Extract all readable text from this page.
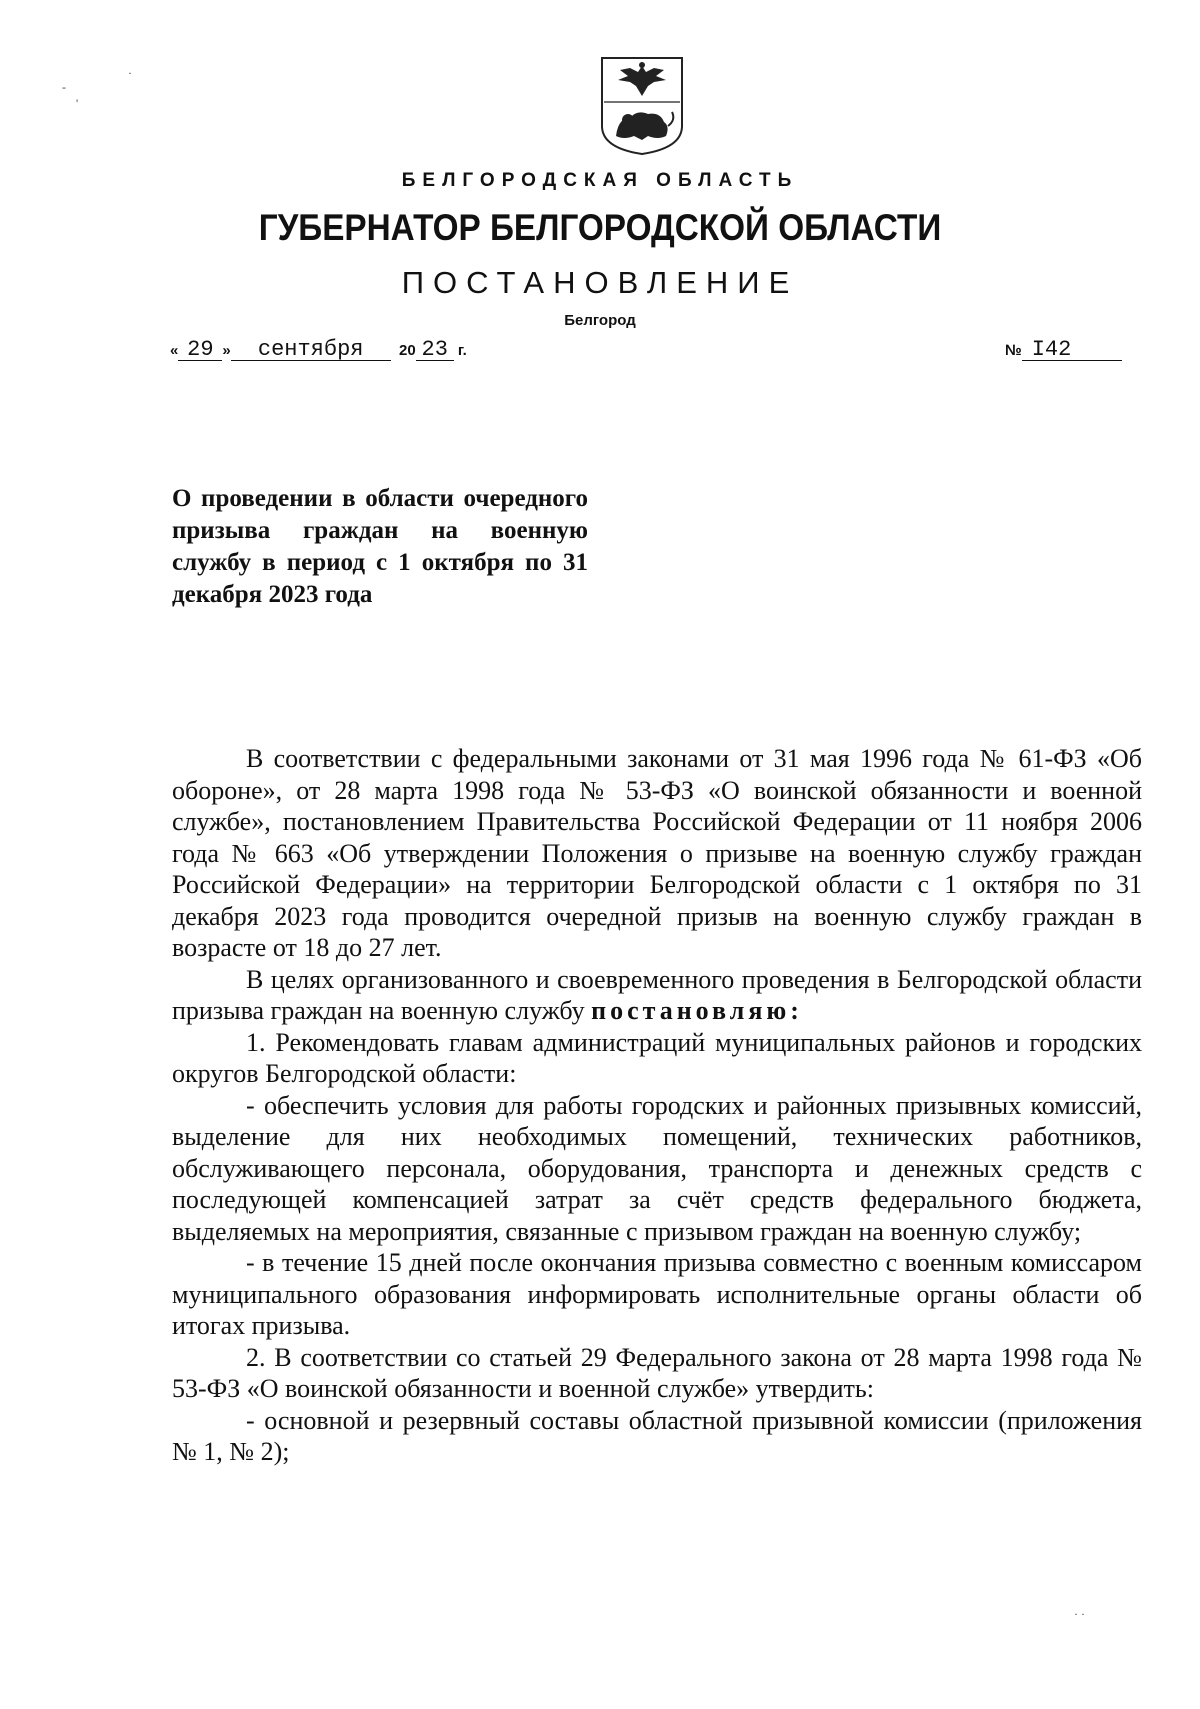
-
·
'
БЕЛГОРОДСКАЯ ОБЛАСТЬ
ГУБЕРНАТОР БЕЛГОРОДСКОЙ ОБЛАСТИ
ПОСТАНОВЛЕНИЕ
Белгород
« 29 » сентября 20 23 г.	№ I42
О проведении в области очередного призыва граждан на военную службу в период с 1 октября по 31 декабря 2023 года

В соответствии с федеральными законами от 31 мая 1996 года № 61-ФЗ «Об обороне», от 28 марта 1998 года № 53-ФЗ «О воинской обязанности и военной службе», постановлением Правительства Российской Федерации от 11 ноября 2006 года № 663 «Об утверждении Положения о призыве на военную службу граждан Российской Федерации» на территории Белгородской области с 1 октября по 31 декабря 2023 года проводится очередной призыв на военную службу граждан в возрасте от 18 до 27 лет.

В целях организованного и своевременного проведения в Белгородской области призыва граждан на военную службу постановляю:

1. Рекомендовать главам администраций муниципальных районов и городских округов Белгородской области:

- обеспечить условия для работы городских и районных призывных комиссий, выделение для них необходимых помещений, технических работников, обслуживающего персонала, оборудования, транспорта и денежных средств с последующей компенсацией затрат за счёт средств федерального бюджета, выделяемых на мероприятия, связанные с призывом граждан на военную службу;

- в течение 15 дней после окончания призыва совместно с военным комиссаром муниципального образования информировать исполнительные органы области об итогах призыва.

2. В соответствии со статьей 29 Федерального закона от 28 марта 1998 года № 53-ФЗ «О воинской обязанности и военной службе» утвердить:

- основной и резервный составы областной призывной комиссии (приложения № 1, № 2);

· ·
